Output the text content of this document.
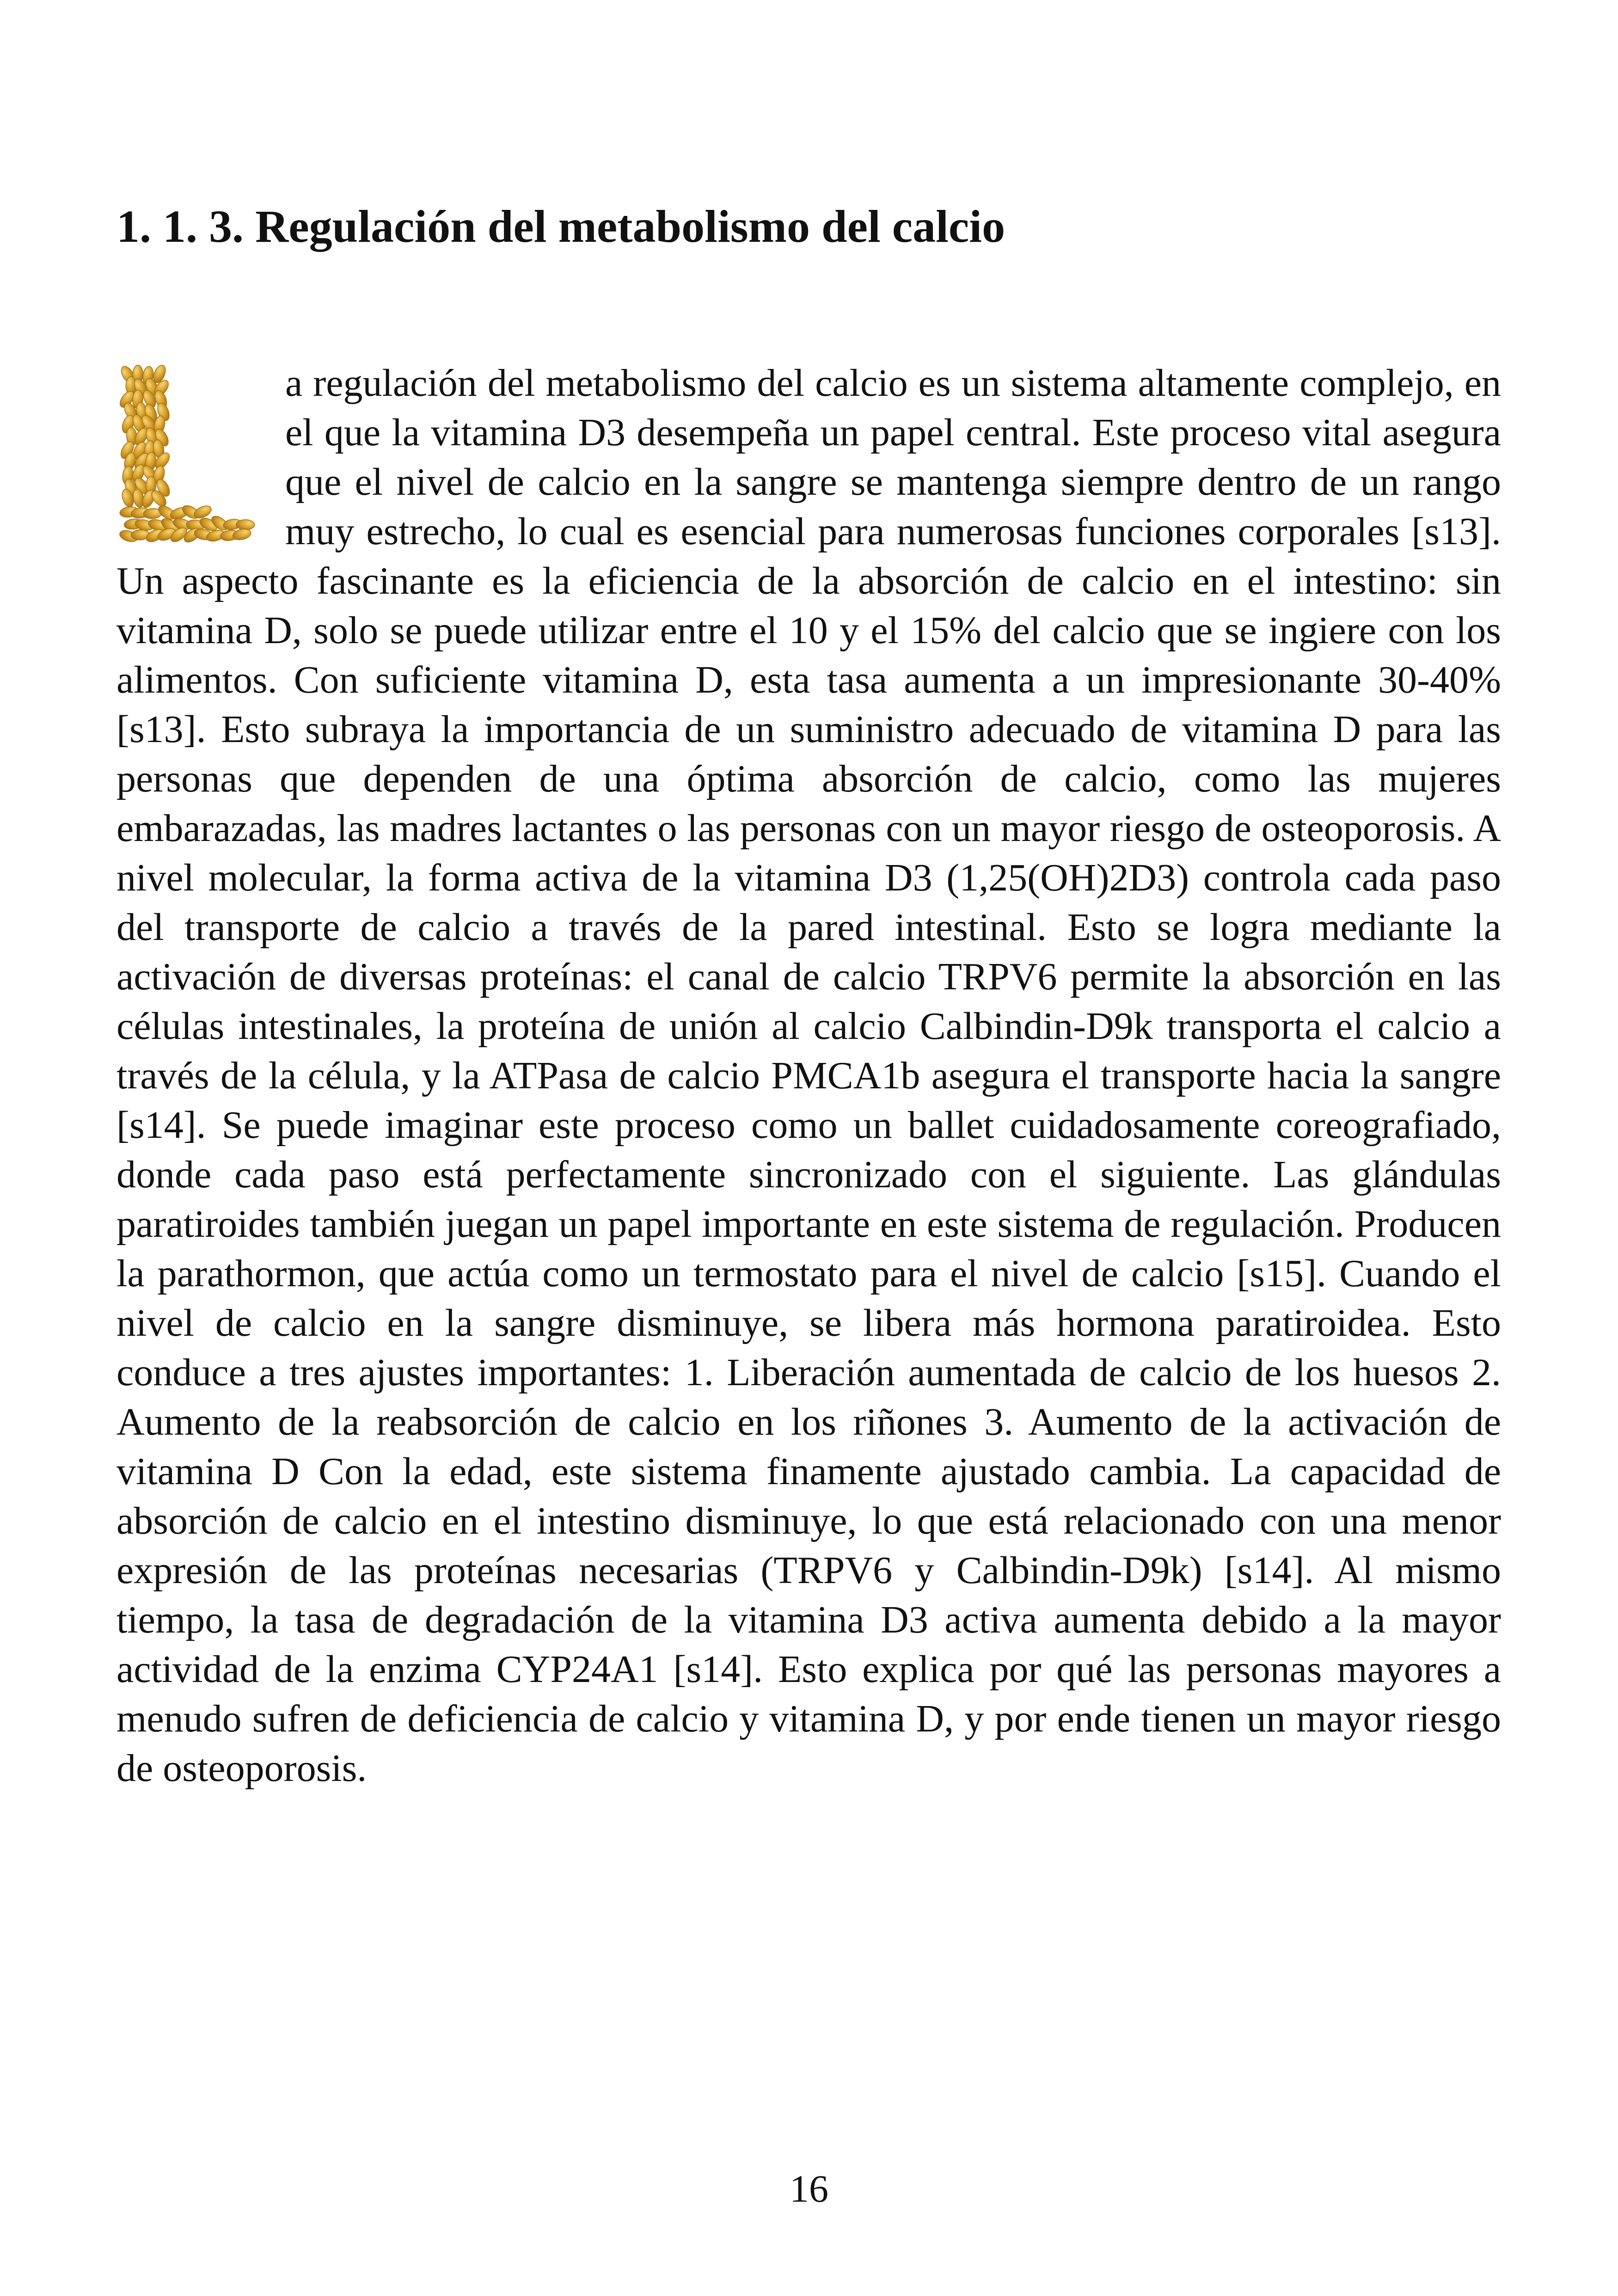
1. 1. 3. Regulación del metabolismo del calcio

a regulación del metabolismo del calcio es un sistema altamente complejo, en el que la vitamina D3 desempeña un papel central. Este proceso vital asegura que el nivel de calcio en la sangre se mantenga siempre dentro de un rango muy estrecho, lo cual es esencial para numerosas funciones corporales [s13]. Un aspecto fascinante es la eficiencia de la absorción de calcio en el intestino: sin vitamina D, solo se puede utilizar entre el 10 y el 15% del calcio que se ingiere con los alimentos. Con suficiente vitamina D, esta tasa aumenta a un impresionante 30-40% [s13]. Esto subraya la importancia de un suministro adecuado de vitamina D para las personas que dependen de una óptima absorción de calcio, como las mujeres embarazadas, las madres lactantes o las personas con un mayor riesgo de osteoporosis. A nivel molecular, la forma activa de la vitamina D3 (1,25(OH)2D3) controla cada paso del transporte de calcio a través de la pared intestinal. Esto se logra mediante la activación de diversas proteínas: el canal de calcio TRPV6 permite la absorción en las células intestinales, la proteína de unión al calcio Calbindin-D9k transporta el calcio a través de la célula, y la ATPasa de calcio PMCA1b asegura el transporte hacia la sangre [s14]. Se puede imaginar este proceso como un ballet cuidadosamente coreografiado, donde cada paso está perfectamente sincronizado con el siguiente. Las glándulas paratiroides también juegan un papel importante en este sistema de regulación. Producen la parathormon, que actúa como un termostato para el nivel de calcio [s15]. Cuando el nivel de calcio en la sangre disminuye, se libera más hormona paratiroidea. Esto conduce a tres ajustes importantes: 1. Liberación aumentada de calcio de los huesos 2. Aumento de la reabsorción de calcio en los riñones 3. Aumento de la activación de vitamina D Con la edad, este sistema finamente ajustado cambia. La capacidad de absorción de calcio en el intestino disminuye, lo que está relacionado con una menor expresión de las proteínas necesarias (TRPV6 y Calbindin-D9k) [s14]. Al mismo tiempo, la tasa de degradación de la vitamina D3 activa aumenta debido a la mayor actividad de la enzima CYP24A1 [s14]. Esto explica por qué las personas mayores a menudo sufren de deficiencia de calcio y vitamina D, y por ende tienen un mayor riesgo de osteoporosis.

16
